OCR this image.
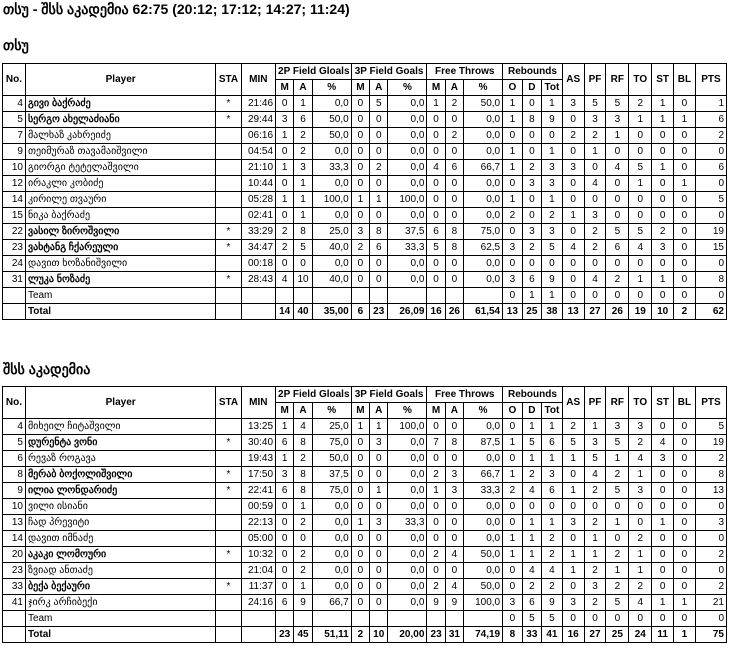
თსუ - შსს აკადემია 62:75 (20:12; 17:12; 14:27; 11:24)
თსუ
No.	Player	STA	MIN	2P Field Gloals			3P Field Goals			Free Throws			Rebounds			AS	PF	RF	TO	ST	BL	PTS
				M	A	%	M	A	%	M	A	%	O	D	Tot							
4	გივი ბაქრაძე	*	21:46	0	1	0,0	0	5	0,0	1	2	50,0	1	0	1	3	5	5	2	1	0	1
5	სერგო ახელაძიანი	*	29:44	3	6	50,0	0	0	0,0	0	0	0,0	1	8	9	0	3	3	1	1	1	6
7	მალხაზ კახრეიძე		06:16	1	2	50,0	0	0	0,0	0	2	0,0	0	0	0	2	2	1	0	0	0	2
9	თეიმურაზ თავამაიშვილი		04:54	0	2	0,0	0	0	0,0	0	0	0,0	1	0	1	0	1	0	0	0	0	0
10	გიორგი ტეტელაშვილი		21:10	1	3	33,3	0	2	0,0	4	6	66,7	1	2	3	3	0	4	5	1	0	6
12	ირაკლი კობიძე		10:44	0	1	0,0	0	0	0,0	0	0	0,0	0	3	3	0	4	0	1	0	1	0
14	კირილე თვაური		05:28	1	1	100,0	1	1	100,0	0	0	0,0	1	0	1	0	0	0	0	0	0	5
15	ნიკა ბაქრაძე		02:41	0	1	0,0	0	0	0,0	0	0	0,0	2	0	2	1	3	0	0	0	0	0
22	ვასილ ზიროშვილი	*	33:29	2	8	25,0	3	8	37,5	6	8	75,0	0	3	3	0	2	5	5	2	0	19
23	ვახტანგ ჩქარეული	*	34:47	2	5	40,0	2	6	33,3	5	8	62,5	3	2	5	4	2	6	4	3	0	15
24	დავით ხოზანიშვილი		00:18	0	0	0,0	0	0	0,0	0	0	0,0	0	0	0	0	0	0	0	0	0	0
31	ლუკა ნოზაძე	*	28:43	4	10	40,0	0	0	0,0	0	0	0,0	3	6	9	0	4	2	1	1	0	8
	Team												0	1	1	0	0	0	0	0	0	0
	Total			14	40	35,00	6	23	26,09	16	26	61,54	13	25	38	13	27	26	19	10	2	62
შსს აკადემია
No.	Player	STA	MIN	2P Field Gloals			3P Field Goals			Free Throws			Rebounds			AS	PF	RF	TO	ST	BL	PTS
				M	A	%	M	A	%	M	A	%	O	D	Tot							
4	მიხეილ ჩიტაშვილი		13:25	1	4	25,0	1	1	100,0	0	0	0,0	0	1	1	2	1	3	3	0	0	5
5	დურენტა ვონი	*	30:40	6	8	75,0	0	3	0,0	7	8	87,5	1	5	6	5	3	5	2	4	0	19
6	რევაზ როგავა		19:43	1	2	50,0	0	0	0,0	0	0	0,0	0	1	1	1	5	1	4	3	0	2
8	მერაბ ბოქოლიშვილი	*	17:50	3	8	37,5	0	0	0,0	2	3	66,7	1	2	3	0	4	2	1	0	0	8
9	ილია ლონდარიძე	*	22:41	6	8	75,0	0	1	0,0	1	3	33,3	2	4	6	1	2	5	3	0	0	13
10	ვილი ისიანი		00:59	0	1	0,0	0	0	0,0	0	0	0,0	0	0	0	0	0	0	0	0	0	0
13	ჩად პრევიტი		22:13	0	2	0,0	1	3	33,3	0	0	0,0	0	1	1	3	2	1	0	1	0	3
14	დავით იმნაძე		05:00	0	0	0,0	0	0	0,0	0	0	0,0	1	1	2	0	1	0	2	0	0	0
20	აკაკი ლომოური	*	10:32	0	2	0,0	0	0	0,0	2	4	50,0	1	1	2	1	1	2	1	0	0	2
23	ზვიად ანთაძე		21:04	0	2	0,0	0	0	0,0	0	0	0,0	0	4	4	1	2	1	1	0	0	0
33	ბექა ბექაური	*	11:37	0	1	0,0	0	0	0,0	2	4	50,0	0	2	2	0	3	2	2	0	0	2
41	ჯირკ არჩიბექი		24:16	6	9	66,7	0	0	0,0	9	9	100,0	3	6	9	3	2	5	4	1	1	21
	Team												0	5	5	0	0	0	0	0	0	0
	Total			23	45	51,11	2	10	20,00	23	31	74,19	8	33	41	16	27	25	24	11	1	75
